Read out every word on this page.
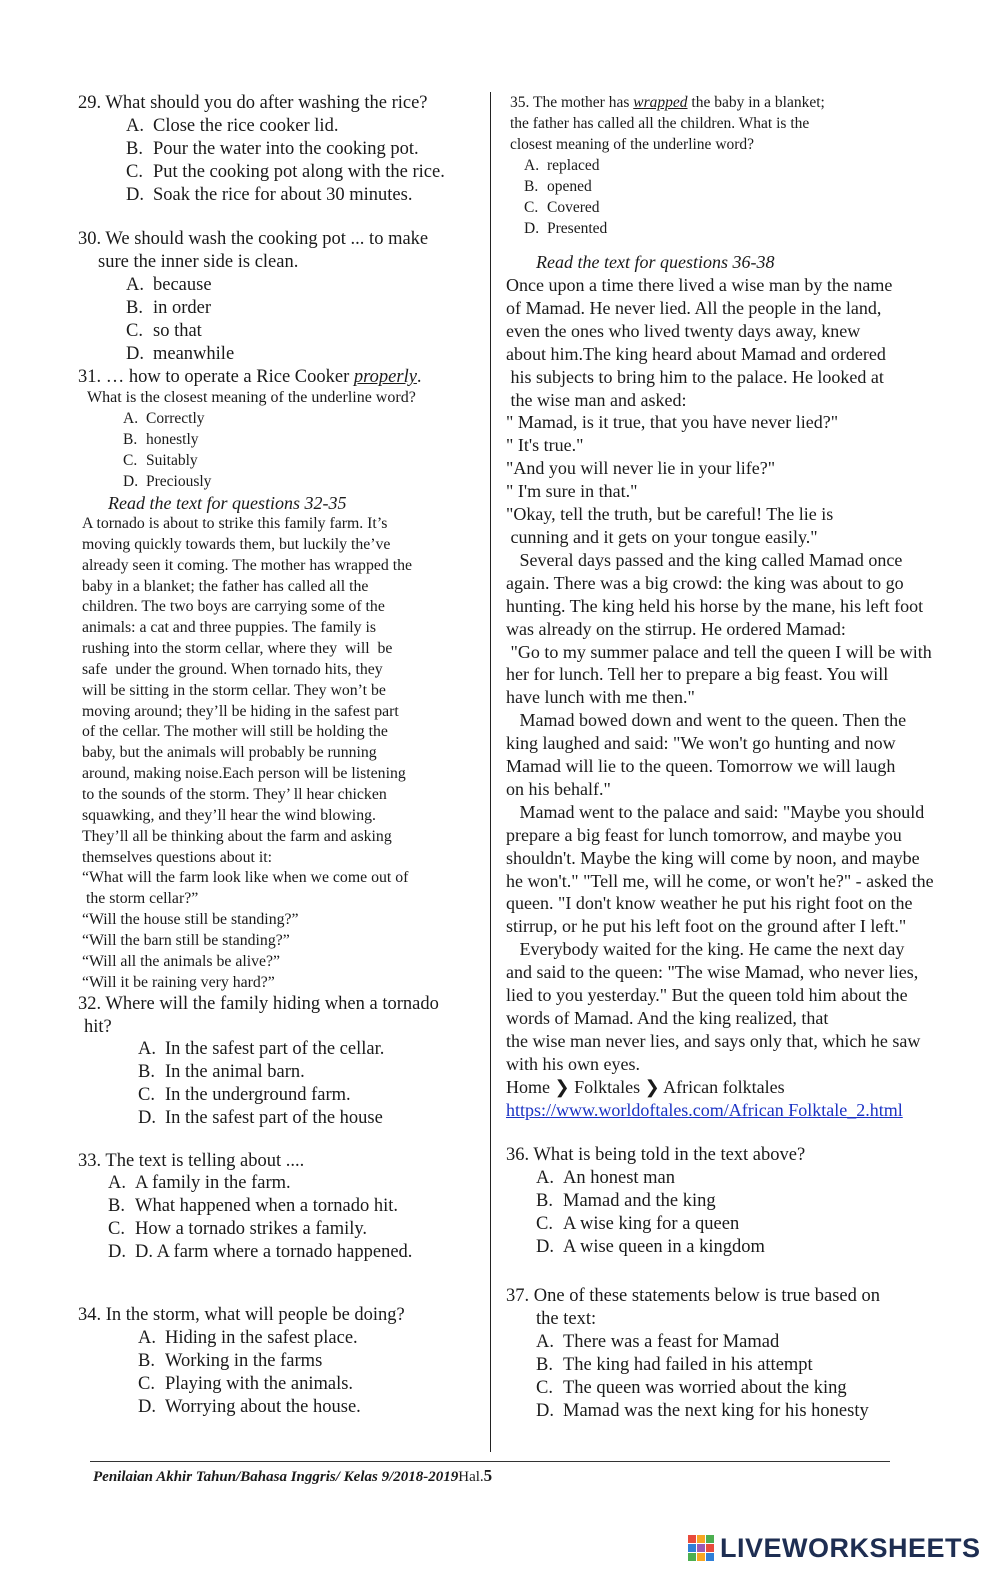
29. What should you do after washing the rice?

A. Close the rice cooker lid.
B. Pour the water into the cooking pot.
C. Put the cooking pot along with the rice.
D. Soak the rice for about 30 minutes.

30. We should wash the cooking pot ... to make

sure the inner side is clean.

A. because
B. in order
C. so that
D. meanwhile

31. … how to operate a Rice Cooker properly.

What is the closest meaning of the underline word?

A. Correctly
B. honestly
C. Suitably
D. Preciously

Read the text for questions 32-35

A tornado is about to strike this family farm. It’s

moving quickly towards them, but luckily the’ve

already seen it coming. The mother has wrapped the

baby in a blanket; the father has called all the

children. The two boys are carrying some of the

animals: a cat and three puppies. The family is

rushing into the storm cellar, where they  will  be

safe  under the ground. When tornado hits, they

will be sitting in the storm cellar. They won’t be

moving around; they’ll be hiding in the safest part

of the cellar. The mother will still be holding the

baby, but the animals will probably be running

around, making noise.Each person will be listening

to the sounds of the storm. They’ ll hear chicken

squawking, and they’ll hear the wind blowing.

They’ll all be thinking about the farm and asking

themselves questions about it:

“What will the farm look like when we come out of

the storm cellar?”

“Will the house still be standing?”

“Will the barn still be standing?”

“Will all the animals be alive?”

“Will it be raining very hard?”

32. Where will the family hiding when a tornado

hit?

A. In the safest part of the cellar.
B. In the animal barn.
C. In the underground farm.
D. In the safest part of the house

33. The text is telling about ....

A. A family in the farm.
B. What happened when a tornado hit.
C. How a tornado strikes a family.
D. D. A farm where a tornado happened.

34. In the storm, what will people be doing?

A. Hiding in the safest place.
B. Working in the farms
C. Playing with the animals.
D. Worrying about the house.

35. The mother has wrapped the baby in a blanket;

the father has called all the children. What is the

closest meaning of the underline word?

A. replaced
B. opened
C. Covered
D. Presented

Read the text for questions 36-38

Once upon a time there lived a wise man by the name

of Mamad. He never lied. All the people in the land,

even the ones who lived twenty days away, knew

about him.The king heard about Mamad and ordered

his subjects to bring him to the palace. He looked at

the wise man and asked:

" Mamad, is it true, that you have never lied?"

" It's true."

"And you will never lie in your life?"

" I'm sure in that."

"Okay, tell the truth, but be careful! The lie is

cunning and it gets on your tongue easily."

Several days passed and the king called Mamad once

again. There was a big crowd: the king was about to go

hunting. The king held his horse by the mane, his left foot

was already on the stirrup. He ordered Mamad:

"Go to my summer palace and tell the queen I will be with

her for lunch. Tell her to prepare a big feast. You will

have lunch with me then."

Mamad bowed down and went to the queen. Then the

king laughed and said: "We won't go hunting and now

Mamad will lie to the queen. Tomorrow we will laugh

on his behalf."

Mamad went to the palace and said: "Maybe you should

prepare a big feast for lunch tomorrow, and maybe you

shouldn't. Maybe the king will come by noon, and maybe

he won't." "Tell me, will he come, or won't he?" - asked the

queen. "I don't know weather he put his right foot on the

stirrup, or he put his left foot on the ground after I left."

Everybody waited for the king. He came the next day

and said to the queen: "The wise Mamad, who never lies,

lied to you yesterday." But the queen told him about the

words of Mamad. And the king realized, that

the wise man never lies, and says only that, which he saw

with his own eyes.

Home ❯ Folktales ❯ African folktales

https://www.worldoftales.com/African Folktale_2.html

36. What is being told in the text above?

A. An honest man
B. Mamad and the king
C. A wise king for a queen
D. A wise queen in a kingdom

37. One of these statements below is true based on

the text:

A. There was a feast for Mamad
B. The king had failed in his attempt
C. The queen was worried about the king
D. Mamad was the next king for his honesty
Penilaian Akhir Tahun/Bahasa Inggris/ Kelas 9/2018-2019Hal.5
LIVEWORKSHEETS
